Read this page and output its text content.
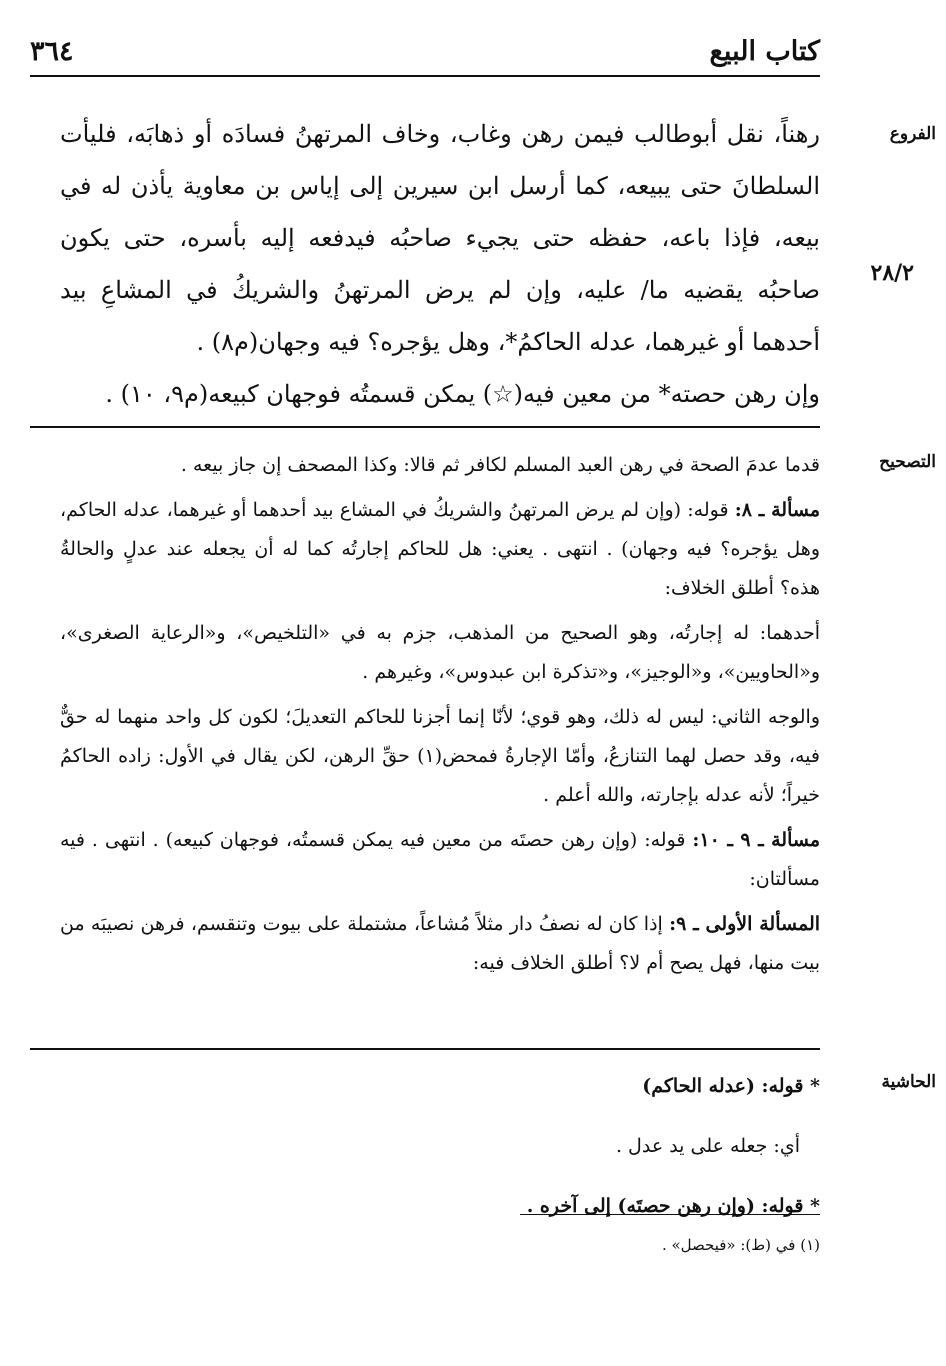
كتاب البيع
٣٦٤
الفروع
٢٨/٢

رهناً، نقل أبوطالب فيمن رهن وغاب، وخاف المرتهنُ فسادَه أو ذهابَه، فليأت السلطانَ حتى يبيعه، كما أرسل ابن سيرين إلى إياس بن معاوية يأذن له في بيعه، فإذا باعه، حفظه حتى يجيء صاحبُه فيدفعه إليه بأسره، حتى يكون صاحبُه يقضيه ما/ عليه، وإن لم يرض المرتهنُ والشريكُ في المشاعِ بيد أحدهما أو غيرهما، عدله الحاكمُ*، وهل يؤجره؟ فيه وجهان(م٨) .

وإن رهن حصته* من معين فيه(☆) يمكن قسمتُه فوجهان كبيعه(م٩، ١٠) .

التصحيح

قدما عدمَ الصحة في رهن العبد المسلم لكافر ثم قالا: وكذا المصحف إن جاز بيعه .

مسألة ـ ٨: قوله: (وإن لم يرض المرتهنُ والشريكُ في المشاع بيد أحدهما أو غيرهما، عدله الحاكم، وهل يؤجره؟ فيه وجهان) . انتهى . يعني: هل للحاكم إجارتُه كما له أن يجعله عند عدلٍ والحالةُ هذه؟ أطلق الخلاف:

أحدهما: له إجارتُه، وهو الصحيح من المذهب، جزم به في «التلخيص»، و«الرعاية الصغرى»، و«الحاويين»، و«الوجيز»، و«تذكرة ابن عبدوس»، وغيرهم .

والوجه الثاني: ليس له ذلك، وهو قوي؛ لأنّا إنما أجزنا للحاكم التعديلَ؛ لكون كل واحد منهما له حقٌّ فيه، وقد حصل لهما التنازعُ، وأمّا الإجارةُ فمحض(١) حقِّ الرهن، لكن يقال في الأول: زاده الحاكمُ خيراً؛ لأنه عدله بإجارته، والله أعلم .

مسألة ـ ٩ ـ ١٠: قوله: (وإن رهن حصتَه من معين فيه يمكن قسمتُه، فوجهان كبيعه) . انتهى . فيه مسألتان:

المسألة الأولى ـ ٩: إذا كان له نصفُ دار مثلاً مُشاعاً، مشتملة على بيوت وتنقسم، فرهن نصيبَه من بيت منها، فهل يصح أم لا؟ أطلق الخلاف فيه:

الحاشية

* قوله: (عدله الحاكم)

أي: جعله على يد عدل .

* قوله: (وإن رهن حصتَه) إلى آخره .

(١) في (ط): «فيحصل» .
